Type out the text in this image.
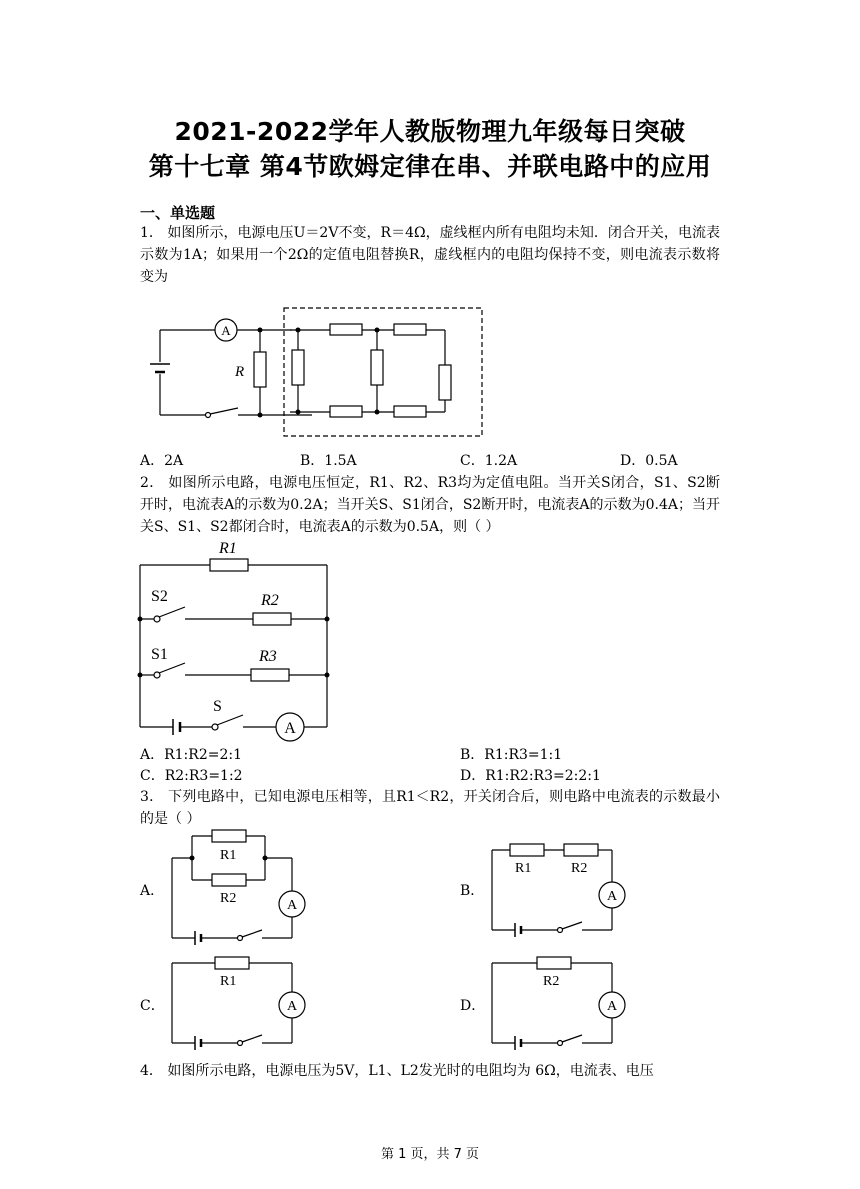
2021-2022学年人教版物理九年级每日突破
第十七章 第4节欧姆定律在串、并联电路中的应用
一、单选题
1． 如图所示，电源电压U＝2V不变，R＝4Ω，虚线框内所有电阻均未知．闭合开关，电流表示数为1A；如果用一个2Ω的定值电阻替换R，虚线框内的电阻均保持不变，则电流表示数将变为
A
R
A．2A	B．1.5A	C．1.2A	D．0.5A
2． 如图所示电路，电源电压恒定，R1、R2、R3均为定值电阻。当开关S闭合，S1、S2断开时，电流表A的示数为0.2A；当开关S、S1闭合，S2断开时，电流表A的示数为0.4A；当开关S、S1、S2都闭合时，电流表A的示数为0.5A，则（ ）
R1
R2
R3
S2
S1
S
A
A．R1:R2=2:1	B．R1:R3=1:1
C．R2:R3=1:2	D．R1:R2:R3=2:2:1
3． 下列电路中，已知电源电压相等，且R1＜R2，开关闭合后，则电路中电流表的示数最小的是（ ）
A．
R1
R2	A
B．
R1	R2
A
C．
R1
A	D．
R2
A
4． 如图所示电路，电源电压为5V，L1、L2发光时的电阻均为 6Ω，电流表、电压
第 1 页，共 7 页
